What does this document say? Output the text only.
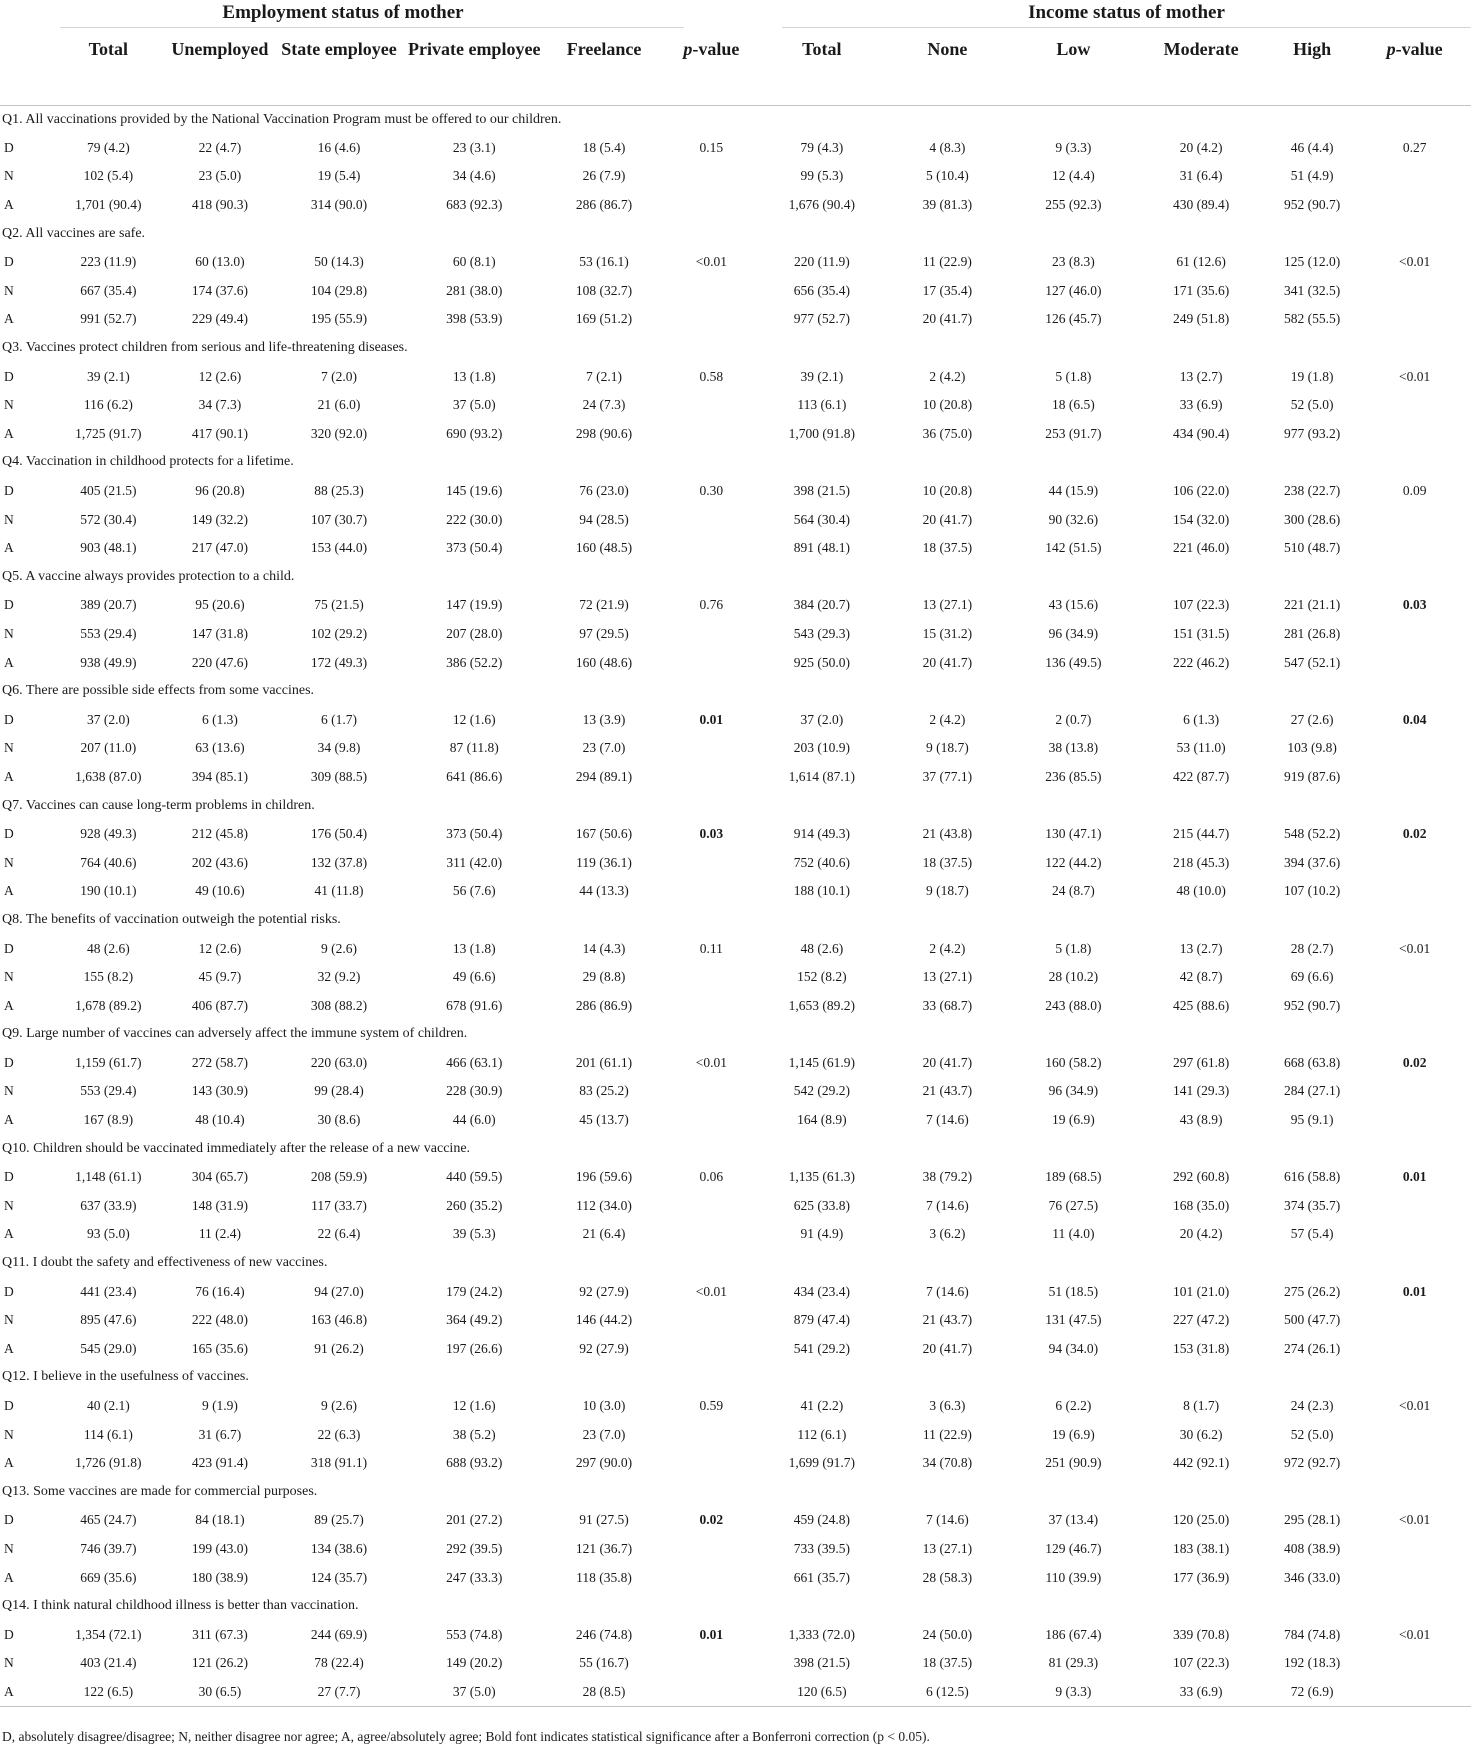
Employment status of mother	Income status of mother
	Total	Unemployed	State employee	Private employee	Freelance	p-value	Total	None	Low	Moderate	High	p-value
Q1. All vaccinations provided by the National Vaccination Program must be offered to our children.												
D	79 (4.2)	22 (4.7)	16 (4.6)	23 (3.1)	18 (5.4)	0.15	79 (4.3)	4 (8.3)	9 (3.3)	20 (4.2)	46 (4.4)	0.27
N	102 (5.4)	23 (5.0)	19 (5.4)	34 (4.6)	26 (7.9)		99 (5.3)	5 (10.4)	12 (4.4)	31 (6.4)	51 (4.9)	
A	1,701 (90.4)	418 (90.3)	314 (90.0)	683 (92.3)	286 (86.7)		1,676 (90.4)	39 (81.3)	255 (92.3)	430 (89.4)	952 (90.7)	
Q2. All vaccines are safe.												
D	223 (11.9)	60 (13.0)	50 (14.3)	60 (8.1)	53 (16.1)	<0.01	220 (11.9)	11 (22.9)	23 (8.3)	61 (12.6)	125 (12.0)	<0.01
N	667 (35.4)	174 (37.6)	104 (29.8)	281 (38.0)	108 (32.7)		656 (35.4)	17 (35.4)	127 (46.0)	171 (35.6)	341 (32.5)	
A	991 (52.7)	229 (49.4)	195 (55.9)	398 (53.9)	169 (51.2)		977 (52.7)	20 (41.7)	126 (45.7)	249 (51.8)	582 (55.5)	
Q3. Vaccines protect children from serious and life-threatening diseases.												
D	39 (2.1)	12 (2.6)	7 (2.0)	13 (1.8)	7 (2.1)	0.58	39 (2.1)	2 (4.2)	5 (1.8)	13 (2.7)	19 (1.8)	<0.01
N	116 (6.2)	34 (7.3)	21 (6.0)	37 (5.0)	24 (7.3)		113 (6.1)	10 (20.8)	18 (6.5)	33 (6.9)	52 (5.0)	
A	1,725 (91.7)	417 (90.1)	320 (92.0)	690 (93.2)	298 (90.6)		1,700 (91.8)	36 (75.0)	253 (91.7)	434 (90.4)	977 (93.2)	
Q4. Vaccination in childhood protects for a lifetime.												
D	405 (21.5)	96 (20.8)	88 (25.3)	145 (19.6)	76 (23.0)	0.30	398 (21.5)	10 (20.8)	44 (15.9)	106 (22.0)	238 (22.7)	0.09
N	572 (30.4)	149 (32.2)	107 (30.7)	222 (30.0)	94 (28.5)		564 (30.4)	20 (41.7)	90 (32.6)	154 (32.0)	300 (28.6)	
A	903 (48.1)	217 (47.0)	153 (44.0)	373 (50.4)	160 (48.5)		891 (48.1)	18 (37.5)	142 (51.5)	221 (46.0)	510 (48.7)	
Q5. A vaccine always provides protection to a child.												
D	389 (20.7)	95 (20.6)	75 (21.5)	147 (19.9)	72 (21.9)	0.76	384 (20.7)	13 (27.1)	43 (15.6)	107 (22.3)	221 (21.1)	0.03
N	553 (29.4)	147 (31.8)	102 (29.2)	207 (28.0)	97 (29.5)		543 (29.3)	15 (31.2)	96 (34.9)	151 (31.5)	281 (26.8)	
A	938 (49.9)	220 (47.6)	172 (49.3)	386 (52.2)	160 (48.6)		925 (50.0)	20 (41.7)	136 (49.5)	222 (46.2)	547 (52.1)	
Q6. There are possible side effects from some vaccines.												
D	37 (2.0)	6 (1.3)	6 (1.7)	12 (1.6)	13 (3.9)	0.01	37 (2.0)	2 (4.2)	2 (0.7)	6 (1.3)	27 (2.6)	0.04
N	207 (11.0)	63 (13.6)	34 (9.8)	87 (11.8)	23 (7.0)		203 (10.9)	9 (18.7)	38 (13.8)	53 (11.0)	103 (9.8)	
A	1,638 (87.0)	394 (85.1)	309 (88.5)	641 (86.6)	294 (89.1)		1,614 (87.1)	37 (77.1)	236 (85.5)	422 (87.7)	919 (87.6)	
Q7. Vaccines can cause long-term problems in children.												
D	928 (49.3)	212 (45.8)	176 (50.4)	373 (50.4)	167 (50.6)	0.03	914 (49.3)	21 (43.8)	130 (47.1)	215 (44.7)	548 (52.2)	0.02
N	764 (40.6)	202 (43.6)	132 (37.8)	311 (42.0)	119 (36.1)		752 (40.6)	18 (37.5)	122 (44.2)	218 (45.3)	394 (37.6)	
A	190 (10.1)	49 (10.6)	41 (11.8)	56 (7.6)	44 (13.3)		188 (10.1)	9 (18.7)	24 (8.7)	48 (10.0)	107 (10.2)	
Q8. The benefits of vaccination outweigh the potential risks.												
D	48 (2.6)	12 (2.6)	9 (2.6)	13 (1.8)	14 (4.3)	0.11	48 (2.6)	2 (4.2)	5 (1.8)	13 (2.7)	28 (2.7)	<0.01
N	155 (8.2)	45 (9.7)	32 (9.2)	49 (6.6)	29 (8.8)		152 (8.2)	13 (27.1)	28 (10.2)	42 (8.7)	69 (6.6)	
A	1,678 (89.2)	406 (87.7)	308 (88.2)	678 (91.6)	286 (86.9)		1,653 (89.2)	33 (68.7)	243 (88.0)	425 (88.6)	952 (90.7)	
Q9. Large number of vaccines can adversely affect the immune system of children.												
D	1,159 (61.7)	272 (58.7)	220 (63.0)	466 (63.1)	201 (61.1)	<0.01	1,145 (61.9)	20 (41.7)	160 (58.2)	297 (61.8)	668 (63.8)	0.02
N	553 (29.4)	143 (30.9)	99 (28.4)	228 (30.9)	83 (25.2)		542 (29.2)	21 (43.7)	96 (34.9)	141 (29.3)	284 (27.1)	
A	167 (8.9)	48 (10.4)	30 (8.6)	44 (6.0)	45 (13.7)		164 (8.9)	7 (14.6)	19 (6.9)	43 (8.9)	95 (9.1)	
Q10. Children should be vaccinated immediately after the release of a new vaccine.												
D	1,148 (61.1)	304 (65.7)	208 (59.9)	440 (59.5)	196 (59.6)	0.06	1,135 (61.3)	38 (79.2)	189 (68.5)	292 (60.8)	616 (58.8)	0.01
N	637 (33.9)	148 (31.9)	117 (33.7)	260 (35.2)	112 (34.0)		625 (33.8)	7 (14.6)	76 (27.5)	168 (35.0)	374 (35.7)	
A	93 (5.0)	11 (2.4)	22 (6.4)	39 (5.3)	21 (6.4)		91 (4.9)	3 (6.2)	11 (4.0)	20 (4.2)	57 (5.4)	
Q11. I doubt the safety and effectiveness of new vaccines.												
D	441 (23.4)	76 (16.4)	94 (27.0)	179 (24.2)	92 (27.9)	<0.01	434 (23.4)	7 (14.6)	51 (18.5)	101 (21.0)	275 (26.2)	0.01
N	895 (47.6)	222 (48.0)	163 (46.8)	364 (49.2)	146 (44.2)		879 (47.4)	21 (43.7)	131 (47.5)	227 (47.2)	500 (47.7)	
A	545 (29.0)	165 (35.6)	91 (26.2)	197 (26.6)	92 (27.9)		541 (29.2)	20 (41.7)	94 (34.0)	153 (31.8)	274 (26.1)	
Q12. I believe in the usefulness of vaccines.												
D	40 (2.1)	9 (1.9)	9 (2.6)	12 (1.6)	10 (3.0)	0.59	41 (2.2)	3 (6.3)	6 (2.2)	8 (1.7)	24 (2.3)	<0.01
N	114 (6.1)	31 (6.7)	22 (6.3)	38 (5.2)	23 (7.0)		112 (6.1)	11 (22.9)	19 (6.9)	30 (6.2)	52 (5.0)	
A	1,726 (91.8)	423 (91.4)	318 (91.1)	688 (93.2)	297 (90.0)		1,699 (91.7)	34 (70.8)	251 (90.9)	442 (92.1)	972 (92.7)	
Q13. Some vaccines are made for commercial purposes.												
D	465 (24.7)	84 (18.1)	89 (25.7)	201 (27.2)	91 (27.5)	0.02	459 (24.8)	7 (14.6)	37 (13.4)	120 (25.0)	295 (28.1)	<0.01
N	746 (39.7)	199 (43.0)	134 (38.6)	292 (39.5)	121 (36.7)		733 (39.5)	13 (27.1)	129 (46.7)	183 (38.1)	408 (38.9)	
A	669 (35.6)	180 (38.9)	124 (35.7)	247 (33.3)	118 (35.8)		661 (35.7)	28 (58.3)	110 (39.9)	177 (36.9)	346 (33.0)	
Q14. I think natural childhood illness is better than vaccination.												
D	1,354 (72.1)	311 (67.3)	244 (69.9)	553 (74.8)	246 (74.8)	0.01	1,333 (72.0)	24 (50.0)	186 (67.4)	339 (70.8)	784 (74.8)	<0.01
N	403 (21.4)	121 (26.2)	78 (22.4)	149 (20.2)	55 (16.7)		398 (21.5)	18 (37.5)	81 (29.3)	107 (22.3)	192 (18.3)	
A	122 (6.5)	30 (6.5)	27 (7.7)	37 (5.0)	28 (8.5)		120 (6.5)	6 (12.5)	9 (3.3)	33 (6.9)	72 (6.9)	
D, absolutely disagree/disagree; N, neither disagree nor agree; A, agree/absolutely agree; Bold font indicates statistical significance after a Bonferroni correction (p < 0.05).
